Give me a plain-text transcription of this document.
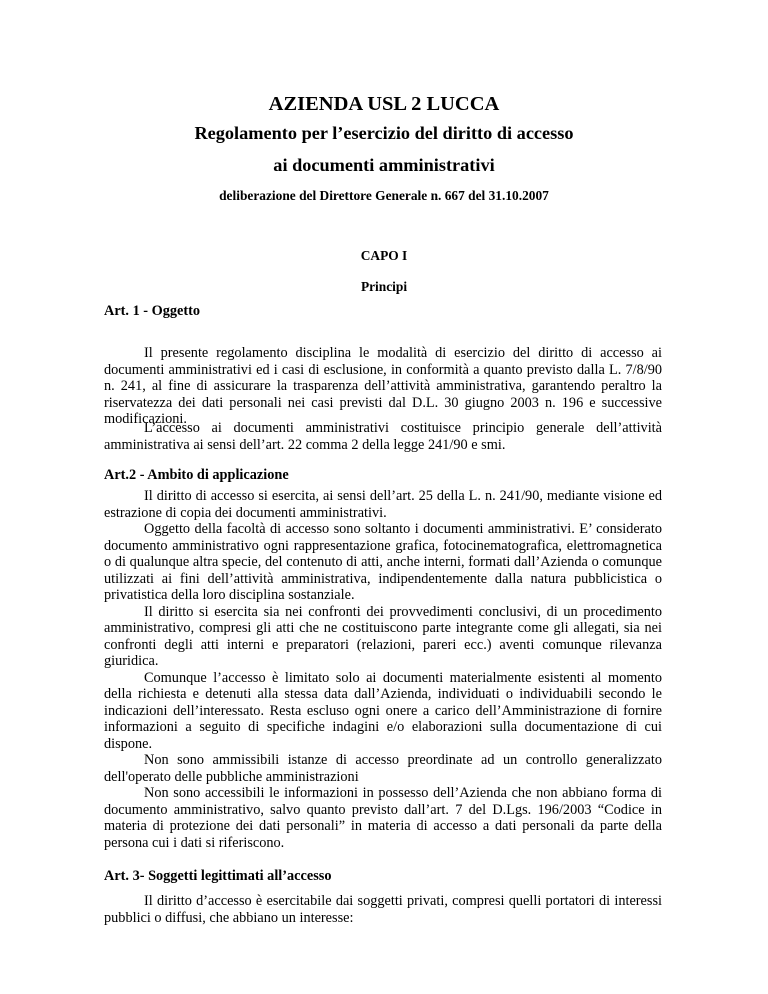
AZIENDA USL 2 LUCCA
Regolamento per l’esercizio del diritto di accesso
ai documenti amministrativi
deliberazione del Direttore Generale n. 667 del 31.10.2007
CAPO I
Principi
Art. 1 - Oggetto

Il presente regolamento disciplina le modalità di esercizio del diritto di accesso ai documenti amministrativi ed i casi di esclusione, in conformità a quanto previsto dalla L. 7/8/90 n. 241, al fine di assicurare la trasparenza dell’attività amministrativa, garantendo peraltro la riservatezza dei dati personali nei casi previsti dal D.L. 30 giugno 2003 n. 196 e successive modificazioni.

L’accesso ai documenti amministrativi costituisce principio generale dell’attività amministrativa ai sensi dell’art. 22 comma 2 della legge 241/90 e smi.

Art.2 - Ambito di applicazione

Il diritto di accesso si esercita, ai sensi dell’art. 25 della L. n. 241/90, mediante visione ed estrazione di copia dei documenti amministrativi.

Oggetto della facoltà di accesso sono soltanto i documenti amministrativi. E’ considerato documento amministrativo ogni rappresentazione grafica, fotocinematografica, elettromagnetica o di qualunque altra specie, del contenuto di atti, anche interni, formati dall’Azienda o comunque utilizzati ai fini dell’attività amministrativa, indipendentemente dalla natura pubblicistica o privatistica della loro disciplina sostanziale.

Il diritto si esercita sia nei confronti dei provvedimenti conclusivi, di un procedimento amministrativo, compresi gli atti che ne costituiscono parte integrante come gli allegati, sia nei confronti degli atti interni e preparatori (relazioni, pareri ecc.) aventi comunque rilevanza giuridica.

Comunque l’accesso è limitato solo ai documenti materialmente esistenti al momento della richiesta e detenuti alla stessa data dall’Azienda, individuati o individuabili secondo le indicazioni dell’interessato. Resta escluso ogni onere a carico dell’Amministrazione di fornire informazioni a seguito di specifiche indagini e/o elaborazioni sulla documentazione di cui dispone.

Non sono ammissibili istanze di accesso preordinate ad un controllo generalizzato dell'operato delle pubbliche amministrazioni

Non sono accessibili le informazioni in possesso dell’Azienda che non abbiano forma di documento amministrativo, salvo quanto previsto dall’art. 7 del D.Lgs. 196/2003 “Codice in materia di protezione dei dati personali” in materia di accesso a dati personali da parte della persona cui i dati si riferiscono.

Art. 3- Soggetti legittimati all’accesso

Il diritto d’accesso è esercitabile dai soggetti privati, compresi quelli portatori di interessi pubblici o diffusi, che abbiano un interesse:
